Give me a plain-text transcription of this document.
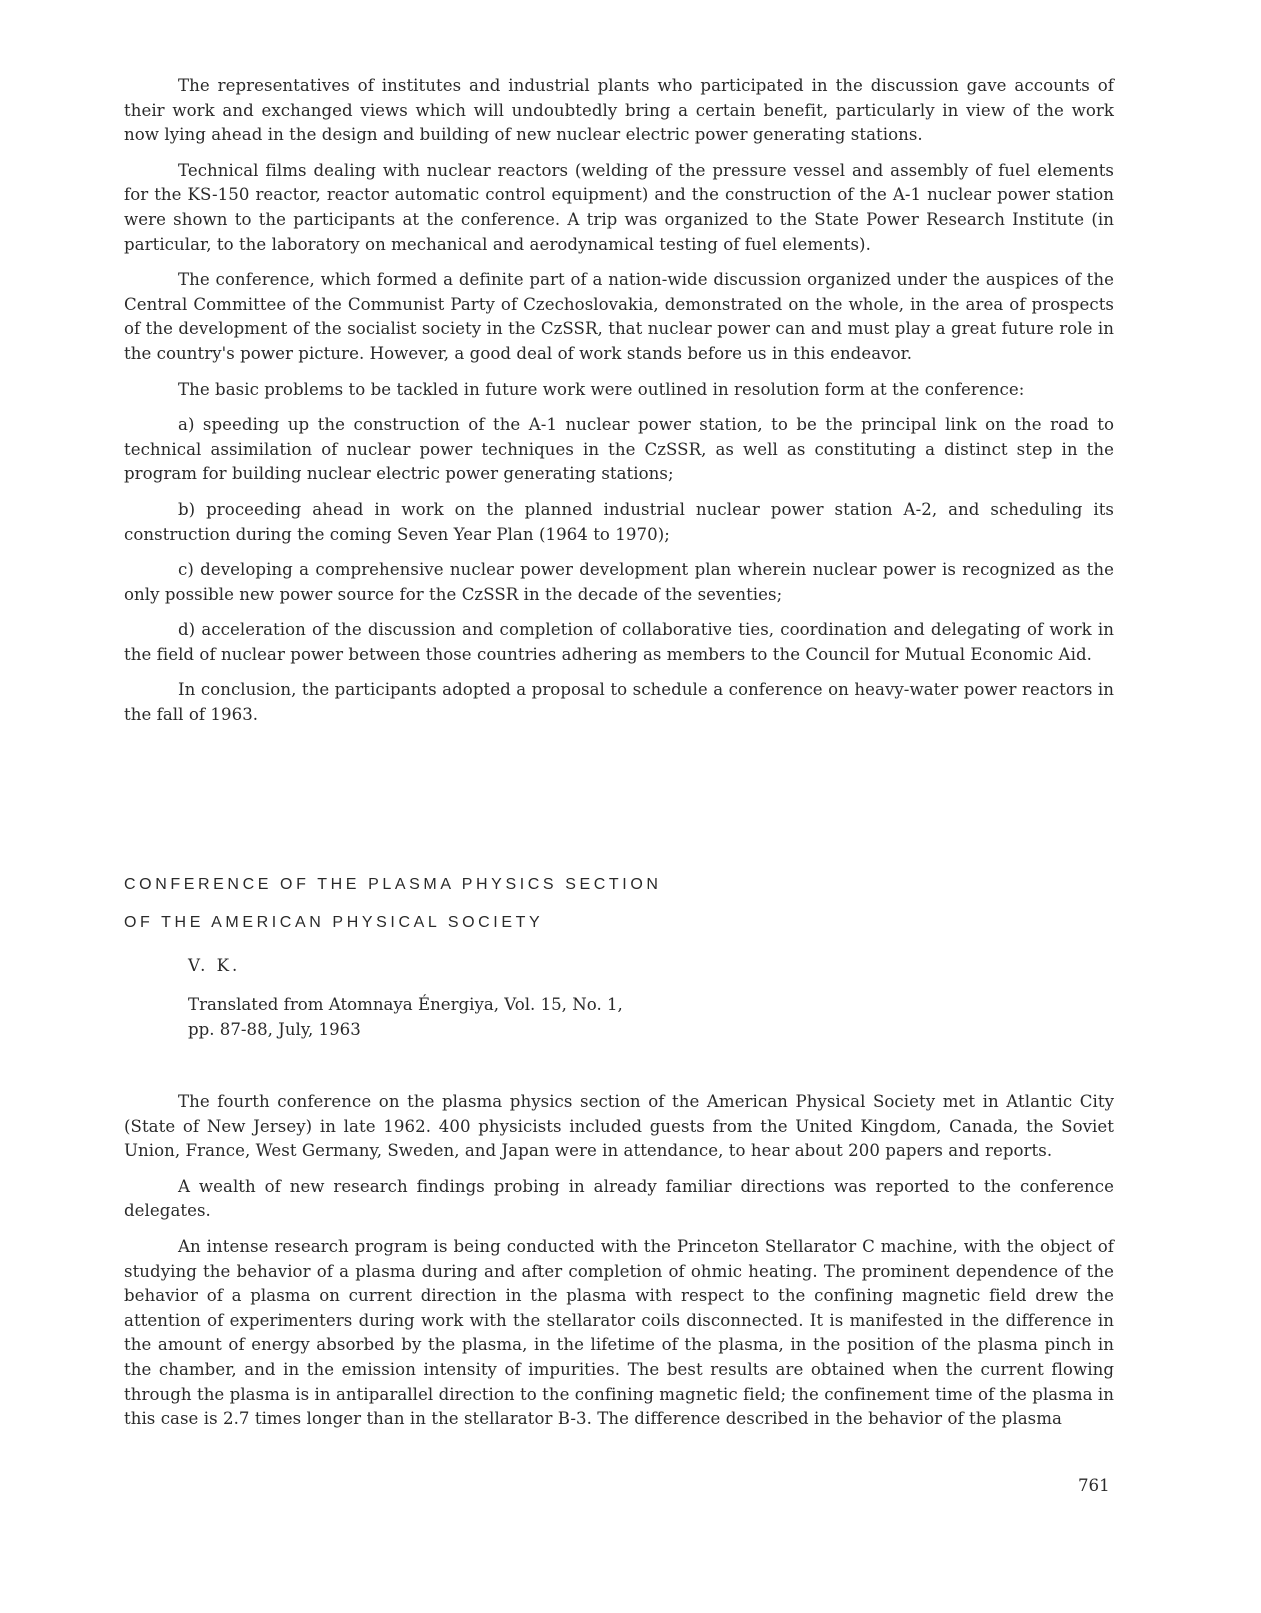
The representatives of institutes and industrial plants who participated in the discussion gave accounts of their work and exchanged views which will undoubtedly bring a certain benefit, particularly in view of the work now lying ahead in the design and building of new nuclear electric power generating stations.

Technical films dealing with nuclear reactors (welding of the pressure vessel and assembly of fuel elements for the KS-150 reactor, reactor automatic control equipment) and the construction of the A-1 nuclear power station were shown to the participants at the conference. A trip was organized to the State Power Research Institute (in particular, to the laboratory on mechanical and aerodynamical testing of fuel elements).

The conference, which formed a definite part of a nation-wide discussion organized under the auspices of the Central Committee of the Communist Party of Czechoslovakia, demonstrated on the whole, in the area of prospects of the development of the socialist society in the CzSSR, that nuclear power can and must play a great future role in the country's power picture. However, a good deal of work stands before us in this endeavor.

The basic problems to be tackled in future work were outlined in resolution form at the conference:

a) speeding up the construction of the A-1 nuclear power station, to be the principal link on the road to technical assimilation of nuclear power techniques in the CzSSR, as well as constituting a distinct step in the program for building nuclear electric power generating stations;

b) proceeding ahead in work on the planned industrial nuclear power station A-2, and scheduling its construction during the coming Seven Year Plan (1964 to 1970);

c) developing a comprehensive nuclear power development plan wherein nuclear power is recognized as the only possible new power source for the CzSSR in the decade of the seventies;

d) acceleration of the discussion and completion of collaborative ties, coordination and delegating of work in the field of nuclear power between those countries adhering as members to the Council for Mutual Economic Aid.

In conclusion, the participants adopted a proposal to schedule a conference on heavy-water power reactors in the fall of 1963.

CONFERENCE OF THE PLASMA PHYSICS SECTION
OF THE AMERICAN PHYSICAL SOCIETY
V. K.
Translated from Atomnaya Énergiya, Vol. 15, No. 1,
pp. 87-88, July, 1963

The fourth conference on the plasma physics section of the American Physical Society met in Atlantic City (State of New Jersey) in late 1962. 400 physicists included guests from the United Kingdom, Canada, the Soviet Union, France, West Germany, Sweden, and Japan were in attendance, to hear about 200 papers and reports.

A wealth of new research findings probing in already familiar directions was reported to the conference delegates.

An intense research program is being conducted with the Princeton Stellarator C machine, with the object of studying the behavior of a plasma during and after completion of ohmic heating. The prominent dependence of the behavior of a plasma on current direction in the plasma with respect to the confining magnetic field drew the attention of experimenters during work with the stellarator coils disconnected. It is manifested in the difference in the amount of energy absorbed by the plasma, in the lifetime of the plasma, in the position of the plasma pinch in the chamber, and in the emission intensity of impurities. The best results are obtained when the current flowing through the plasma is in antiparallel direction to the confining magnetic field; the confinement time of the plasma in this case is 2.7 times longer than in the stellarator B-3. The difference described in the behavior of the plasma

761
